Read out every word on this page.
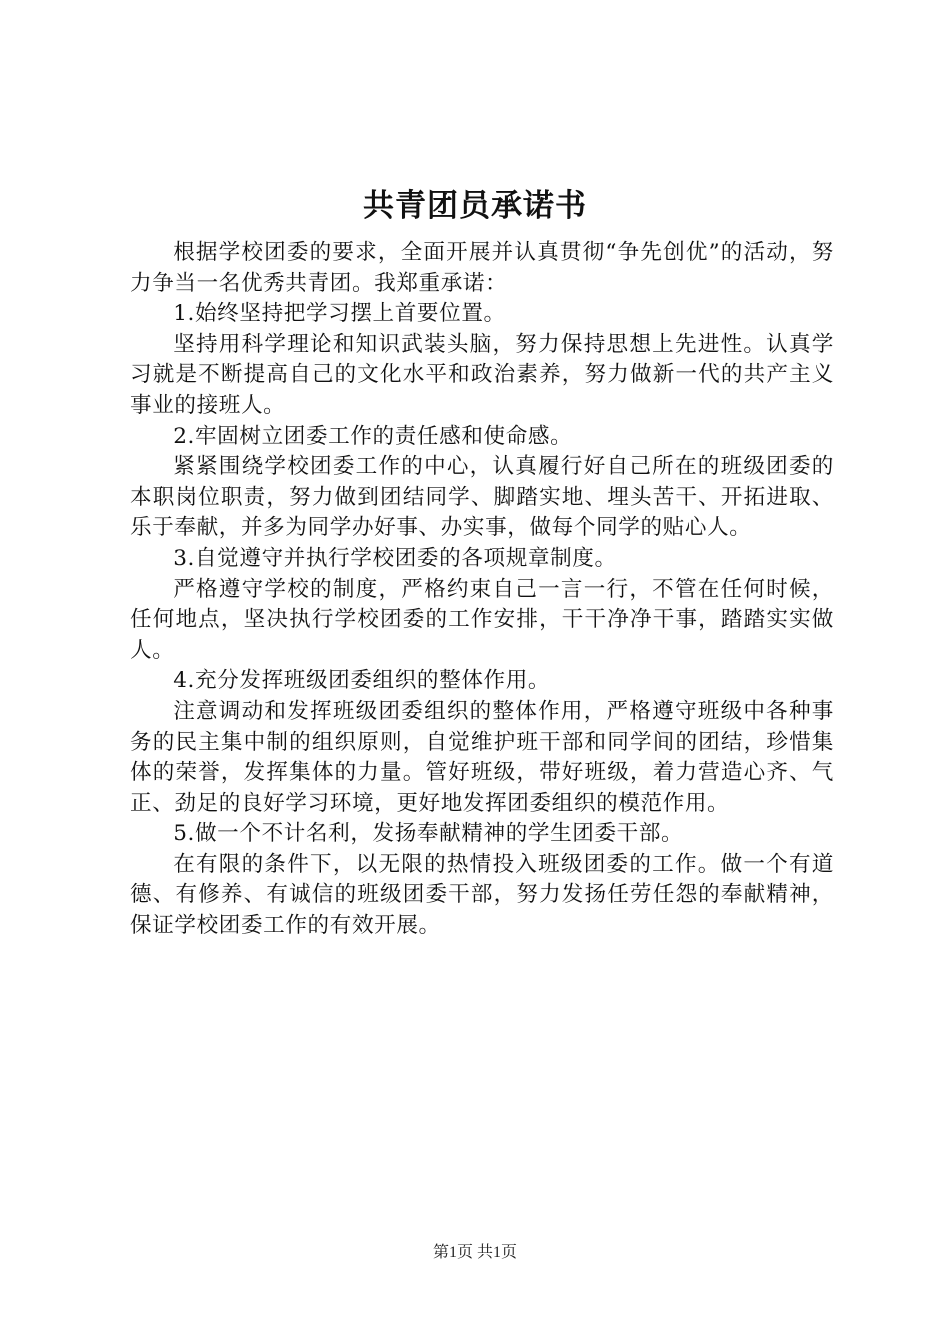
共青团员承诺书

根据学校团委的要求，全面开展并认真贯彻“争先创优”的活动，努力争当一名优秀共青团。我郑重承诺：

1.始终坚持把学习摆上首要位置。

坚持用科学理论和知识武装头脑，努力保持思想上先进性。认真学习就是不断提高自己的文化水平和政治素养，努力做新一代的共产主义事业的接班人。

2.牢固树立团委工作的责任感和使命感。

紧紧围绕学校团委工作的中心，认真履行好自己所在的班级团委的本职岗位职责，努力做到团结同学、脚踏实地、埋头苦干、开拓进取、乐于奉献，并多为同学办好事、办实事，做每个同学的贴心人。

3.自觉遵守并执行学校团委的各项规章制度。

严格遵守学校的制度，严格约束自己一言一行，不管在任何时候，任何地点，坚决执行学校团委的工作安排，干干净净干事，踏踏实实做人。

4.充分发挥班级团委组织的整体作用。

注意调动和发挥班级团委组织的整体作用，严格遵守班级中各种事务的民主集中制的组织原则，自觉维护班干部和同学间的团结，珍惜集体的荣誉，发挥集体的力量。管好班级，带好班级，着力营造心齐、气正、劲足的良好学习环境，更好地发挥团委组织的模范作用。

5.做一个不计名利，发扬奉献精神的学生团委干部。

在有限的条件下，以无限的热情投入班级团委的工作。做一个有道德、有修养、有诚信的班级团委干部，努力发扬任劳任怨的奉献精神，保证学校团委工作的有效开展。

第1页 共1页
